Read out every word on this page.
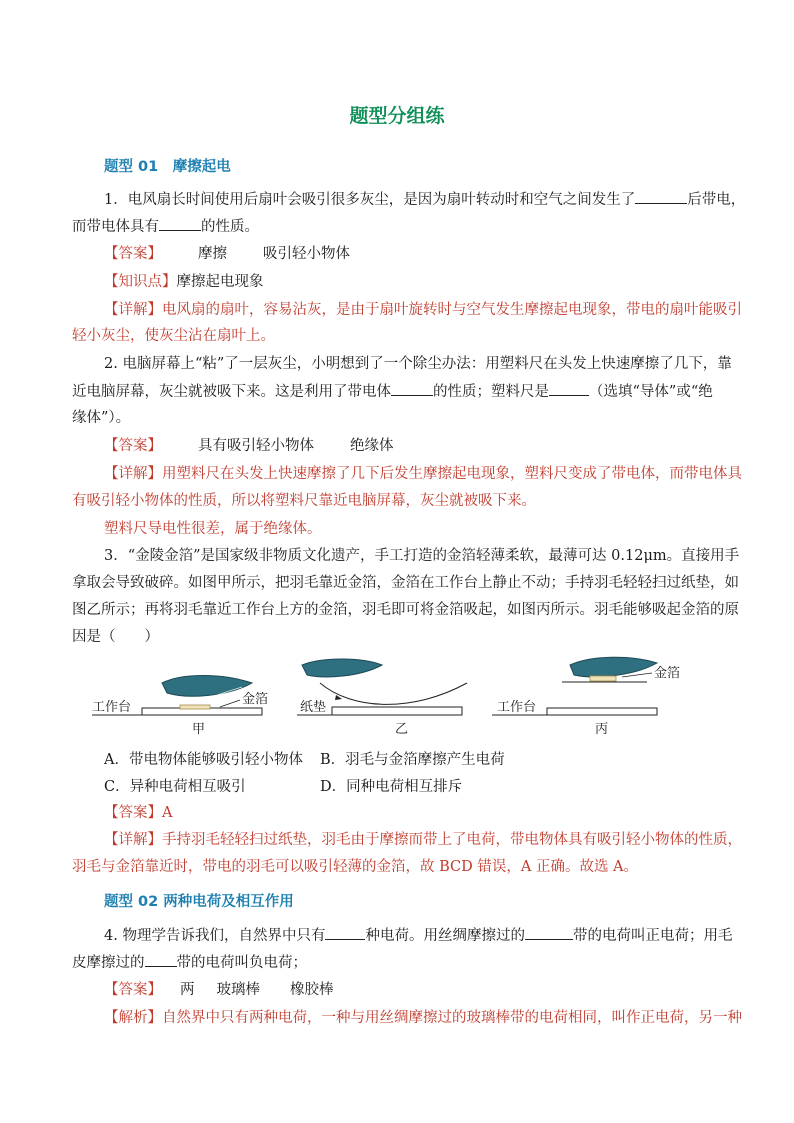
题型分组练
题型 01　摩擦起电
1．电风扇长时间使用后扇叶会吸引很多灰尘，是因为扇叶转动时和空气之间发生了	后带电，
而带电体具有	的性质。
【答案】 摩擦 吸引轻小物体
【知识点】摩擦起电现象
【详解】电风扇的扇叶，容易沾灰，是由于扇叶旋转时与空气发生摩擦起电现象，带电的扇叶能吸引
轻小灰尘，使灰尘沾在扇叶上。
2. 电脑屏幕上“粘”了一层灰尘，小明想到了一个除尘办法：用塑料尺在头发上快速摩擦了几下，靠
近电脑屏幕，灰尘就被吸下来。这是利用了带电体	的性质；塑料尺是	（选填“导体”或“绝
缘体”）。
【答案】 具有吸引轻小物体 绝缘体
【详解】用塑料尺在头发上快速摩擦了几下后发生摩擦起电现象，塑料尺变成了带电体，而带电体具
有吸引轻小物体的性质，所以将塑料尺靠近电脑屏幕，灰尘就被吸下来。
塑料尺导电性很差，属于绝缘体。
3．“金陵金箔”是国家级非物质文化遗产，手工打造的金箔轻薄柔软，最薄可达 0.12μm。直接用手
拿取会导致破碎。如图甲所示，把羽毛靠近金箔，金箔在工作台上静止不动；手持羽毛轻轻扫过纸垫，如
图乙所示；再将羽毛靠近工作台上方的金箔，羽毛即可将金箔吸起，如图丙所示。羽毛能够吸起金箔的原
因是（　　）
工作台
金箔
甲
纸垫
乙
工作台
金箔
丙
A．带电物体能够吸引轻小物体 B．羽毛与金箔摩擦产生电荷
C．异种电荷相互吸引	D．同种电荷相互排斥
【答案】A
【详解】手持羽毛轻轻扫过纸垫，羽毛由于摩擦而带上了电荷，带电物体具有吸引轻小物体的性质，
羽毛与金箔靠近时，带电的羽毛可以吸引轻薄的金箔，故 BCD 错误，A 正确。故选 A。
题型 02 两种电荷及相互作用
4. 物理学告诉我们，自然界中只有	种电荷。用丝绸摩擦过的	带的电荷叫正电荷；用毛
皮摩擦过的 带的电荷叫负电荷；
【答案】 两 玻璃棒 橡胶棒
【解析】自然界中只有两种电荷，一种与用丝绸摩擦过的玻璃棒带的电荷相同，叫作正电荷，另一种
